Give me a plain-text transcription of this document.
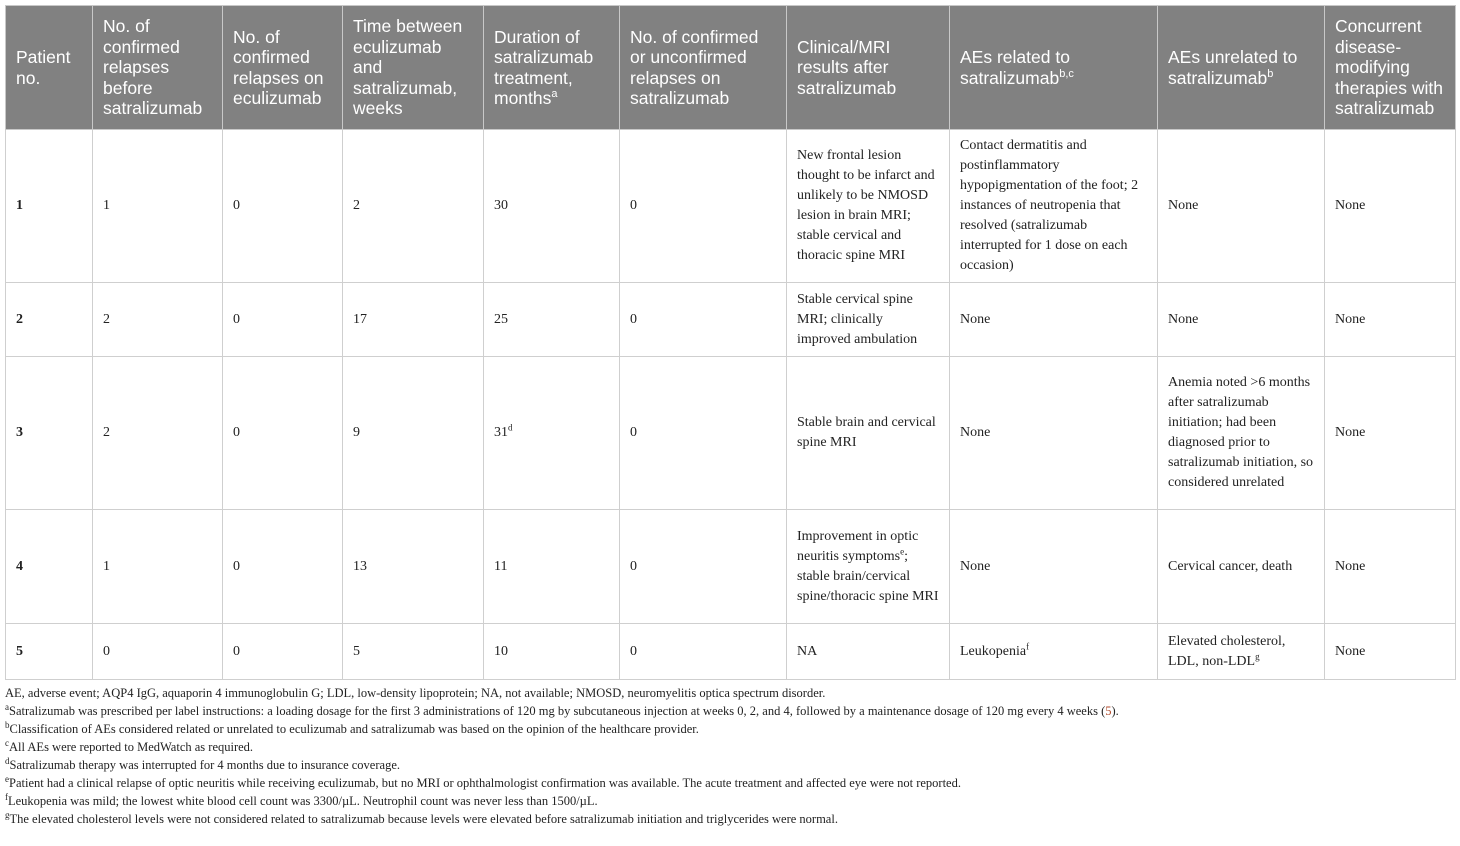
Patient no.	No. of confirmed relapses before satralizumab	No. of confirmed relapses on eculizumab	Time between eculizumab and satralizumab, weeks	Duration of satralizumab treatment, months$^a$	No. of confirmed or unconfirmed relapses on satralizumab	Clinical/MRI results after satralizumab	AEs related to satralizumab$^{b,c}$	AEs unrelated to satralizumab$^b$	Concurrent disease-modifying therapies with satralizumab
1	1	0	2	30	0	New frontal lesion thought to be infarct and unlikely to be NMOSD lesion in brain MRI; stable cervical and thoracic spine MRI	Contact dermatitis and postinflammatory hypopigmentation of the foot; 2 instances of neutropenia that resolved (satralizumab interrupted for 1 dose on each occasion)	None	None
2	2	0	17	25	0	Stable cervical spine MRI; clinically improved ambulation	None	None	None
3	2	0	9	31$^d$	0	Stable brain and cervical spine MRI	None	Anemia noted >6 months after satralizumab initiation; had been diagnosed prior to satralizumab initiation, so considered unrelated	None
4	1	0	13	11	0	Improvement in optic neuritis symptoms$^e$; stable brain/cervical spine/thoracic spine MRI	None	Cervical cancer, death	None
5	0	0	5	10	0	NA	Leukopenia$^f$	Elevated cholesterol, LDL, non-LDL$^g$	None
AE, adverse event; AQP4 IgG, aquaporin 4 immunoglobulin G; LDL, low-density lipoprotein; NA, not available; NMOSD, neuromyelitis optica spectrum disorder.
$^a$Satralizumab was prescribed per label instructions: a loading dosage for the first 3 administrations of 120 mg by subcutaneous injection at weeks 0, 2, and 4, followed by a maintenance dosage of 120 mg every 4 weeks (5).
$^b$Classification of AEs considered related or unrelated to eculizumab and satralizumab was based on the opinion of the healthcare provider.
$^c$All AEs were reported to MedWatch as required.
$^d$Satralizumab therapy was interrupted for 4 months due to insurance coverage.
$^e$Patient had a clinical relapse of optic neuritis while receiving eculizumab, but no MRI or ophthalmologist confirmation was available. The acute treatment and affected eye were not reported.
$^f$Leukopenia was mild; the lowest white blood cell count was 3300/µL. Neutrophil count was never less than 1500/µL.
$^g$The elevated cholesterol levels were not considered related to satralizumab because levels were elevated before satralizumab initiation and triglycerides were normal.
